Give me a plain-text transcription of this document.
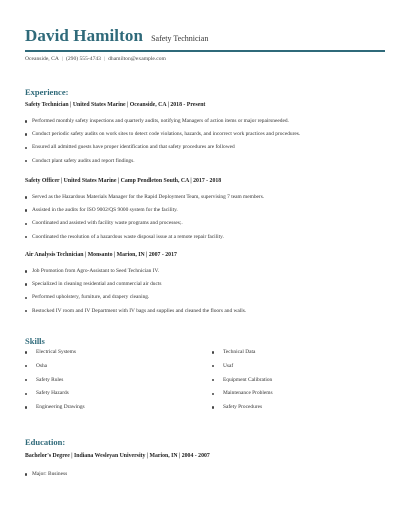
David Hamilton Safety Technician
Oceanside, CA | (290) 555-4743 | dhamilton@example.com
Experience:
Safety Technician | United States Marine | Oceanside, CA | 2018 - Present
Performed monthly safety inspections and quarterly audits, notifying Managers of action items or major repairsneeded.
Conduct periodic safety audits on work sites to detect code violations, hazards, and incorrect work practices and procedures.
Ensured all admitted guests have proper identification and that safety procedures are followed
Conduct plant safety audits and report findings.
Safety Officer | United States Marine | Camp Pendleton South, CA | 2017 - 2018
Served as the Hazardous Materials Manager for the Rapid Deployment Team, supervising 7 team members.
Assisted in the audits for ISO 9002/QS 9000 system for the facility.
Coordinated and assisted with facility waste programs and processes;.
Coordinated the resolution of a hazardous waste disposal issue at a remote repair facility.
Air Analysis Technician | Monsanto | Marion, IN | 2007 - 2017
Job Promotion from Agro-Assistant to Seed Technician IV.
Specialized in cleaning residential and commercial air ducts
Performed upholstery, furniture, and drapery cleaning.
Restocked IV room and IV Department with IV bags and supplies and cleaned the floors and walls.
Skills
Electrical Systems	Technical Data
Osha	Usaf
Safety Rules	Equipment Calibration
Safety Hazards	Maintenance Problems
Engineering Drawings	Safety Procedures
Education:
Bachelor's Degree | Indiana Wesleyan University | Marion, IN | 2004 - 2007
Major: Business
